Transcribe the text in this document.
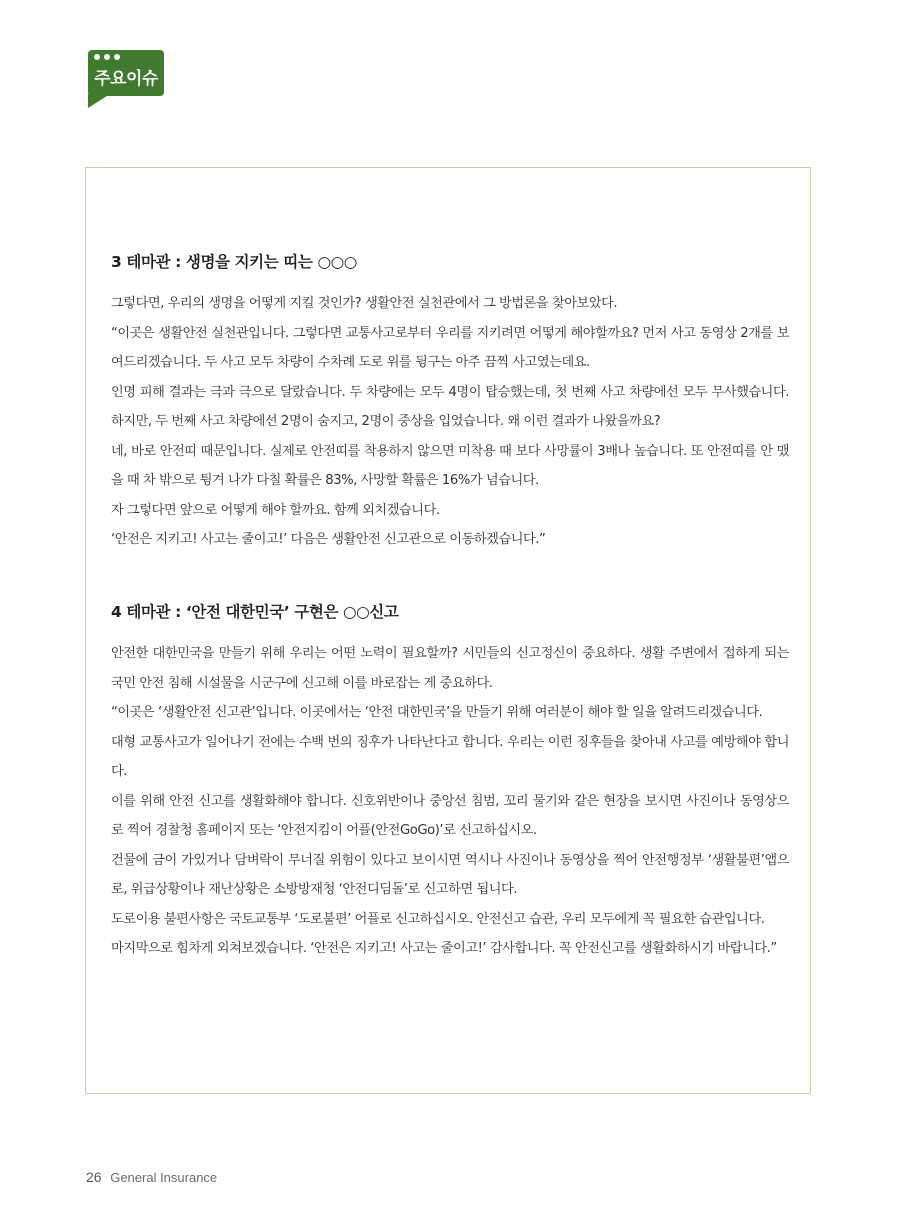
주요이슈
3 테마관 : 생명을 지키는 띠는 ○○○

그렇다면, 우리의 생명을 어떻게 지킬 것인가? 생활안전 실천관에서 그 방법론을 찾아보았다.

“이곳은 생활안전 실천관입니다. 그렇다면 교통사고로부터 우리를 지키려면 어떻게 해야할까요? 먼저 사고 동영상 2개를 보여드리겠습니다. 두 사고 모두 차량이 수차례 도로 위를 뒹구는 아주 끔찍 사고였는데요.

인명 피해 결과는 극과 극으로 달랐습니다. 두 차량에는 모두 4명이 탑승했는데, 첫 번째 사고 차량에선 모두 무사했습니다. 하지만, 두 번째 사고 차량에선 2명이 숨지고, 2명이 중상을 입었습니다. 왜 이런 결과가 나왔을까요?

네, 바로 안전띠 때문입니다. 실제로 안전띠를 착용하지 않으면 미착용 때 보다 사망률이 3배나 높습니다. 또 안전띠를 안 맸을 때 차 밖으로 튕겨 나가 다칠 확률은 83%, 사망할 확률은 16%가 넘습니다.

자 그렇다면 앞으로 어떻게 해야 할까요. 함께 외치겠습니다.

‘안전은 지키고! 사고는 줄이고!’ 다음은 생활안전 신고관으로 이동하겠습니다.”

4 테마관 : ‘안전 대한민국’ 구현은 ○○신고

안전한 대한민국을 만들기 위해 우리는 어떤 노력이 필요할까? 시민들의 신고정신이 중요하다. 생활 주변에서 접하게 되는 국민 안전 침해 시설물을 시군구에 신고해 이를 바로잡는 게 중요하다.

“이곳은 ‘생활안전 신고관’입니다. 이곳에서는 ‘안전 대한민국’을 만들기 위해 여러분이 해야 할 일을 알려드리겠습니다.

대형 교통사고가 일어나기 전에는 수백 번의 징후가 나타난다고 합니다. 우리는 이런 징후들을 찾아내 사고를 예방해야 합니다.

이를 위해 안전 신고를 생활화해야 합니다. 신호위반이나 중앙선 침범, 꼬리 물기와 같은 현장을 보시면 사진이나 동영상으로 찍어 경찰청 홈페이지 또는 ‘안전지킴이 어플(안전GoGo)’로 신고하십시오.

건물에 금이 가있거나 담벼락이 무너질 위험이 있다고 보이시면 역시나 사진이나 동영상을 찍어 안전행정부 ‘생활불편’앱으로, 위급상황이나 재난상황은 소방방재청 ‘안전디딤돌’로 신고하면 됩니다.

도로이용 불편사항은 국토교통부 ‘도로불편’ 어플로 신고하십시오. 안전신고 습관, 우리 모두에게 꼭 필요한 습관입니다.

마지막으로 힘차게 외쳐보겠습니다. ‘안전은 지키고! 사고는 줄이고!’ 감사합니다. 꼭 안전신고를 생활화하시기 바랍니다.”

26 General Insurance
